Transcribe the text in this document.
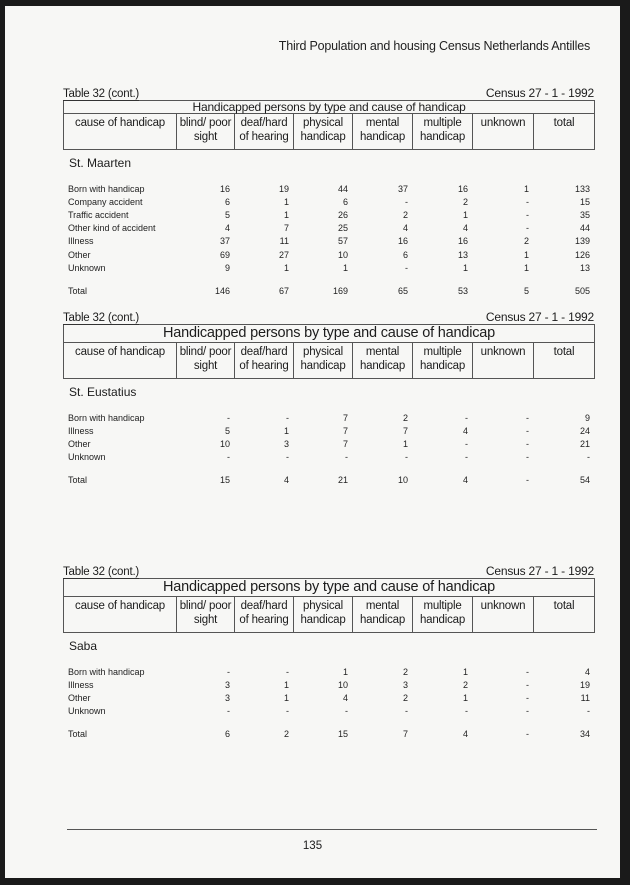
Third Population and housing Census Netherlands Antilles
Table 32 (cont.)	Census 27 - 1 - 1992
Handicapped persons by type and cause of handicap
cause of handicap	blind/ poor sight	deaf/hard of hearing	physical handicap	mental handicap	multiple handicap	unknown	total
St. Maarten
Born with handicap	16	19	44	37	16	1	133
Company accident	6	1	6	-	2	-	15
Traffic accident	5	1	26	2	1	-	35
Other kind of accident	4	7	25	4	4	-	44
Illness	37	11	57	16	16	2	139
Other	69	27	10	6	13	1	126
Unknown	9	1	1	-	1	1	13

Total	146	67	169	65	53	5	505
Table 32 (cont.)	Census 27 - 1 - 1992
Handicapped persons by type and cause of handicap
cause of handicap	blind/ poor sight	deaf/hard of hearing	physical handicap	mental handicap	multiple handicap	unknown	total
St. Eustatius
Born with handicap	-	-	7	2	-	-	9
Illness	5	1	7	7	4	-	24
Other	10	3	7	1	-	-	21
Unknown	-	-	-	-	-	-	-

Total	15	4	21	10	4	-	54
Table 32 (cont.)	Census 27 - 1 - 1992
Handicapped persons by type and cause of handicap
cause of handicap	blind/ poor sight	deaf/hard of hearing	physical handicap	mental handicap	multiple handicap	unknown	total
Saba
Born with handicap	-	-	1	2	1	-	4
Illness	3	1	10	3	2	-	19
Other	3	1	4	2	1	-	11
Unknown	-	-	-	-	-	-	-

Total	6	2	15	7	4	-	34
135
